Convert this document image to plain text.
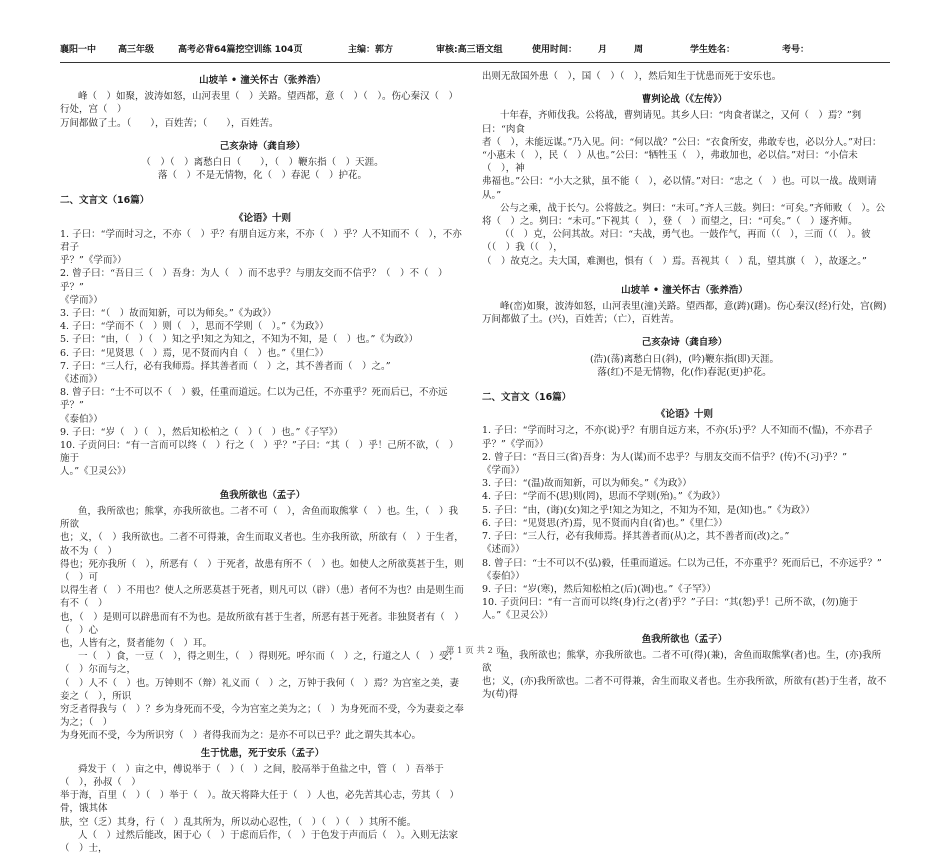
襄阳一中 高三年级	高考必背64篇挖空训练 104页	主编：郭方	审核:高三语文组	使用时间： 月	周	学生姓名：	考号：
山坡羊 • 潼关怀古（张养浩）
峰（　）如聚，波涛如怒，山河表里（　）关路。望西都，意（　）（　）。伤心秦汉（　）行处，宫（　）
万间都做了土。（　　），百姓苦；（　　），百姓苦。
己亥杂诗（龚自珍）
（　）（　）离愁白日（　　），（　）鞭东指（　）天涯。
落（　）不是无情物，化（　）春泥（　）护花。
二、文言文（16篇）
《论语》十则
1. 子曰：“学而时习之，不亦（　）乎？有朋自远方来，不亦（　）乎？人不知而不（　），不亦君子
乎？”《学而》）
2. 曾子曰：“吾日三（　）吾身：为人（　）而不忠乎？与朋友交而不信乎？（　）不（　）乎？”
《学而》）
3. 子曰：“（　）故而知新，可以为师矣。”《为政》）
4. 子曰：“学而不（　）则（　），思而不学则（　）。”《为政》）
5. 子曰：“由，（　）（　）知之乎!知之为知之，不知为不知，是（　）也。”《为政》）
6. 子曰：“见贤思（　）焉，见不贤而内自（　）也。”《里仁》）
7. 子曰：“三人行，必有我师焉。择其善者而（　）之，其不善者而（　）之。”
《述而》）
8. 曾子曰：“士不可以不（　）毅，任重而道远。仁以为己任，不亦重乎？死而后已，不亦远乎？”
《泰伯》）
9. 子曰：“岁（　）（　），然后知松柏之（　）（　）也。”《子罕》）
10. 子贡问曰：“有一言而可以终（　）行之（　）乎？”子曰：“其（　）乎！己所不欲，（　）施于
人。”《卫灵公》）
鱼我所欲也（孟子）
鱼，我所欲也；熊掌，亦我所欲也。二者不可（　），舍鱼而取熊掌（　）也。生，（　）我所欲
也；义，（　）我所欲也。二者不可得兼，舍生而取义者也。生亦我所欲，所欲有（　）于生者，故不为（　）
得也；死亦我所（　），所恶有（　）于死者，故患有所不（　）也。如使人之所欲莫甚于生，则（　）可
以得生者（　）不用也？使人之所恶莫甚于死者，则凡可以（辟）（患）者何不为也？由是则生而有不（　）
也，（　）是则可以辟患而有不为也。是故所欲有甚于生者，所恶有甚于死者。非独贤者有（　）（　）心
也，人皆有之，贤者能勿（　）耳。
一（　）食，一豆（　），得之则生，（　）得则死。呼尔而（　）之，行道之人（　）受；（　）尔而与之，
（　）人不（　）也。万钟则不（辩）礼义而（　）之，万钟于我何（　）焉？为宫室之美，妻妾之（　），所识
穷乏者得我与（　）？乡为身死而不受，今为宫室之美为之；（　）为身死而不受，今为妻妾之奉为之；（　）
为身死而不受，今为所识穷（　）者得我而为之：是亦不可以已乎？此之谓失其本心。
生于忧患，死于安乐（孟子）
舜发于（　）亩之中，傅说举于（　）（　）之间，胶鬲举于鱼盐之中，管（　）吾举于（　），孙叔（　）
举于海，百里（　）（　）举于（　）。故天将降大任于（　）人也，必先苦其心志，劳其（　）骨，饿其体
肤，空（乏）其身，行（　）乱其所为，所以动心忍性，（　）（　）（　）其所不能。
人（　）过然后能改，困于心（　）于虑而后作，（　）于色发于声而后（　）。入则无法家（　）士，
出则无敌国外患（　），国（　）（　），然后知生于忧患而死于安乐也。
曹刿论战（《左传》）
十年春，齐师伐我。公将战，曹刿请见。其乡人曰：“肉食者谋之，又何（　）焉？”刿曰：“肉食
者（　），未能远谋。”乃入见。问：“何以战？”公曰：“衣食所安，弗敢专也，必以分人。”对曰：
“小惠未（　），民（　）从也。”公曰：“牺牲玉（　），弗敢加也，必以信。”对曰：“小信未（　），神
弗福也。”公曰：“小大之狱，虽不能（　），必以情。”对曰：“忠之（　）也。可以一战。战则请从。”
公与之乘，战于长勺。公将鼓之。刿曰：“未可。”齐人三鼓。刿曰：“可矣。”齐师败（　）。公
将（　）之。刿曰：“未可。”下视其（　），登（　）而望之，曰：“可矣。”（　）逐齐师。
（（　）克，公问其故。对曰：“夫战，勇气也。一鼓作气，再而（（　），三而（（　）。彼（（　）我（（　），
（　）故克之。夫大国，难测也，惧有（　）焉。吾视其（　）乱，望其旗（　），故逐之。”
山坡羊 • 潼关怀古（张养浩）
峰(峦)如聚，波涛如怒，山河表里(潼)关路。望西都，意(踌)(躇)。伤心秦汉(经)行处，宫(阙)
万间都做了土。(兴)，百姓苦；（亡），百姓苦。
己亥杂诗（龚自珍）
(浩)(荡)离愁白日(斜)，(吟)鞭东指(即)天涯。
落(红)不是无情物，化(作)春泥(更)护花。
二、文言文（16篇）
《论语》十则
1. 子曰：“学而时习之，不亦(说)乎？有朋自远方来，不亦(乐)乎？人不知而不(愠)，不亦君子
乎？”《学而》）
2. 曾子曰：“吾日三(省)吾身：为人(谋)而不忠乎？与朋友交而不信乎？(传)不(习)乎？”
《学而》）
3. 子曰：“(温)故而知新，可以为师矣。”《为政》）
4. 子曰：“学而不(思)则(罔)，思而不学则(殆)。”《为政》）
5. 子曰：“由，(诲)(女)知之乎!知之为知之，不知为不知，是(知)也。”《为政》）
6. 子曰：“见贤思(齐)焉，见不贤而内自(省)也。”《里仁》）
7. 子曰：“三人行，必有我师焉。择其善者而(从)之，其不善者而(改)之。”
《述而》）
8. 曾子曰：“士不可以不(弘)毅，任重而道远。仁以为己任，不亦重乎？死而后已，不亦远乎？”
《泰伯》）
9. 子曰：“岁(寒)，然后知松柏之(后)(凋)也。”《子罕》）
10. 子贡问曰：“有一言而可以终(身)行之(者)乎？”子曰：“其(恕)乎！己所不欲，(勿)施于
人。”《卫灵公》）
鱼我所欲也（孟子）
鱼，我所欲也；熊掌，亦我所欲也。二者不可(得)(兼)，舍鱼而取熊掌(者)也。生，(亦)我所欲
也；义，(亦)我所欲也。二者不可得兼，舍生而取义者也。生亦我所欲，所欲有(甚)于生者，故不为(苟)得
第 1 页 共 2 页
